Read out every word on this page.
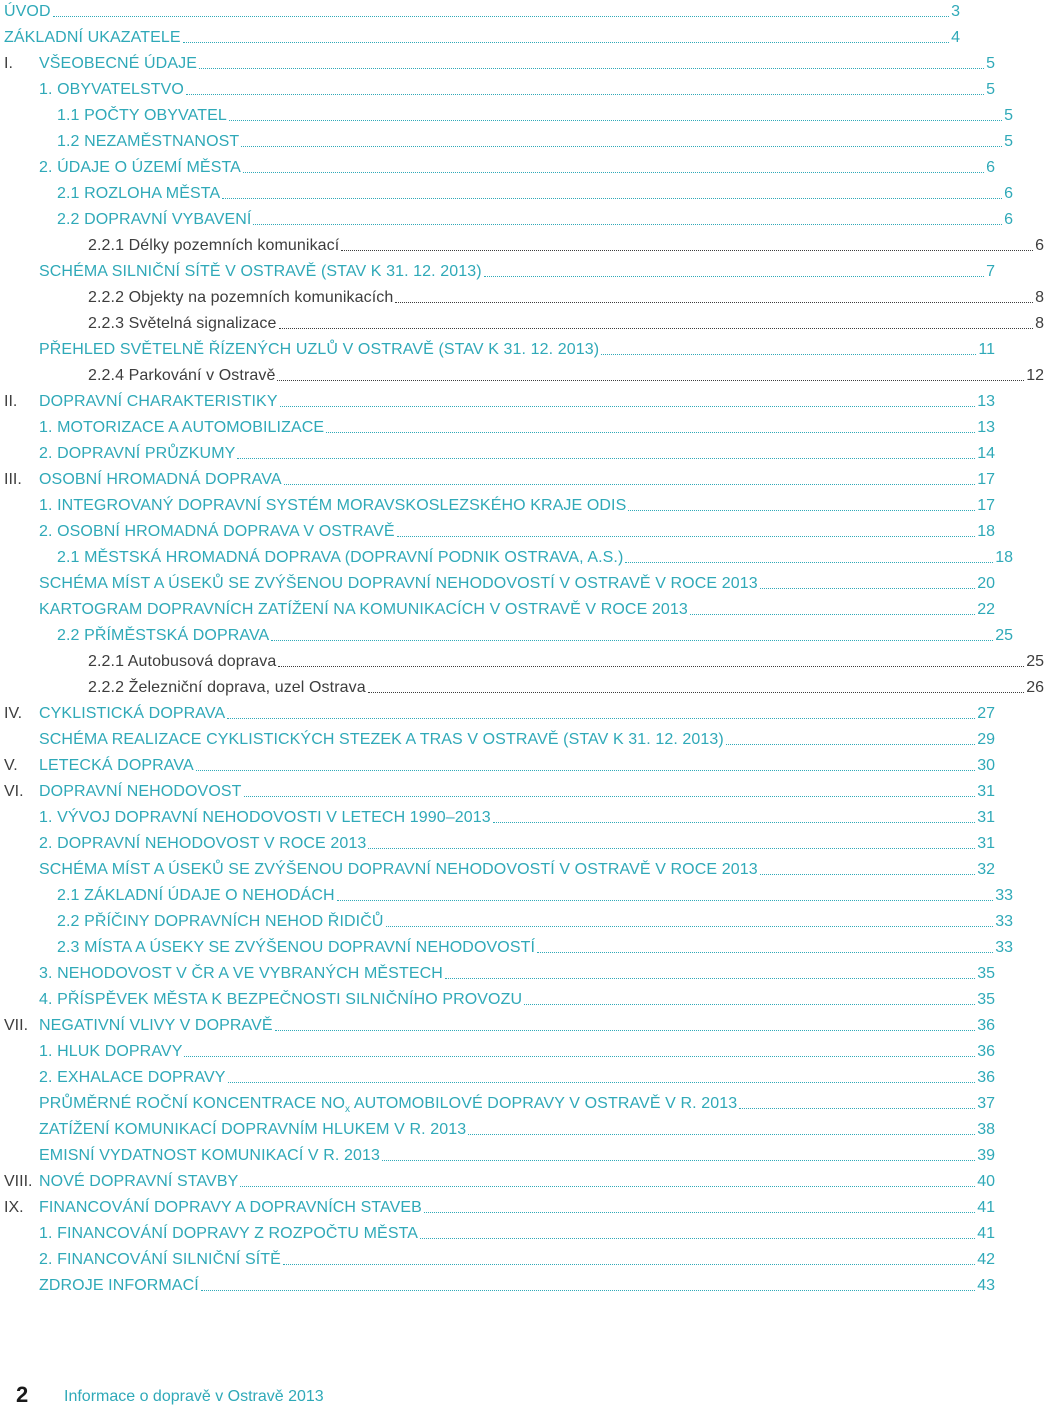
ÚVOD	3
ZÁKLADNÍ UKAZATELE	4
I.	VŠEOBECNÉ ÚDAJE	5
1. OBYVATELSTVO	5
1.1 POČTY OBYVATEL	5
1.2 NEZAMĚSTNANOST	5
2. ÚDAJE O ÚZEMÍ MĚSTA	6
2.1 ROZLOHA MĚSTA	6
2.2 DOPRAVNÍ VYBAVENÍ	6
2.2.1 Délky pozemních komunikací	6
SCHÉMA SILNIČNÍ SÍTĚ V OSTRAVĚ (STAV K 31. 12. 2013)	7
2.2.2 Objekty na pozemních komunikacích	8
2.2.3 Světelná signalizace	8
PŘEHLED SVĚTELNĚ ŘÍZENÝCH UZLŮ V OSTRAVĚ (STAV K 31. 12. 2013)	11
2.2.4 Parkování v Ostravě	12
II.	DOPRAVNÍ CHARAKTERISTIKY	13
1. MOTORIZACE A AUTOMOBILIZACE	13
2. DOPRAVNÍ PRŮZKUMY	14
III.	OSOBNÍ HROMADNÁ DOPRAVA	17
1. INTEGROVANÝ DOPRAVNÍ SYSTÉM MORAVSKOSLEZSKÉHO KRAJE ODIS	17
2. OSOBNÍ HROMADNÁ DOPRAVA V OSTRAVĚ	18
2.1 MĚSTSKÁ HROMADNÁ DOPRAVA (DOPRAVNÍ PODNIK OSTRAVA, A.S.)	18
SCHÉMA MÍST A ÚSEKŮ SE ZVÝŠENOU DOPRAVNÍ NEHODOVOSTÍ V OSTRAVĚ V ROCE 2013	20
KARTOGRAM DOPRAVNÍCH ZATÍŽENÍ NA KOMUNIKACÍCH V OSTRAVĚ V ROCE 2013	22
2.2 PŘÍMĚSTSKÁ DOPRAVA	25
2.2.1 Autobusová doprava	25
2.2.2 Železniční doprava, uzel Ostrava	26
IV.	CYKLISTICKÁ DOPRAVA	27
SCHÉMA REALIZACE CYKLISTICKÝCH STEZEK A TRAS V OSTRAVĚ (STAV K 31. 12. 2013)	29
V.	LETECKÁ DOPRAVA	30
VI. DOPRAVNÍ NEHODOVOST	31
1. VÝVOJ DOPRAVNÍ NEHODOVOSTI V LETECH 1990–2013	31
2. DOPRAVNÍ NEHODOVOST V ROCE 2013	31
SCHÉMA MÍST A ÚSEKŮ SE ZVÝŠENOU DOPRAVNÍ NEHODOVOSTÍ V OSTRAVĚ V ROCE 2013	32
2.1 ZÁKLADNÍ ÚDAJE O NEHODÁCH	33
2.2 PŘÍČINY DOPRAVNÍCH NEHOD ŘIDIČŮ	33
2.3 MÍSTA A ÚSEKY SE ZVÝŠENOU DOPRAVNÍ NEHODOVOSTÍ	33
3. NEHODOVOST V ČR A VE VYBRANÝCH MĚSTECH	35
4. PŘÍSPĚVEK MĚSTA K BEZPEČNOSTI SILNIČNÍHO PROVOZU	35
VII. NEGATIVNÍ VLIVY V DOPRAVĚ	36
1. HLUK DOPRAVY	36
2. EXHALACE DOPRAVY	36
PRŮMĚRNÉ ROČNÍ KONCENTRACE $NO_x$ AUTOMOBILOVÉ DOPRAVY V OSTRAVĚ V R. 2013	37
ZATÍŽENÍ KOMUNIKACÍ DOPRAVNÍM HLUKEM V R. 2013	38
EMISNÍ VYDATNOST KOMUNIKACÍ V R. 2013	39
VIII. NOVÉ DOPRAVNÍ STAVBY	40
IX. FINANCOVÁNÍ DOPRAVY A DOPRAVNÍCH STAVEB	41
1. FINANCOVÁNÍ DOPRAVY Z ROZPOČTU MĚSTA	41
2. FINANCOVÁNÍ SILNIČNÍ SÍTĚ	42
ZDROJE INFORMACÍ	43
2 Informace o dopravě v Ostravě 2013
